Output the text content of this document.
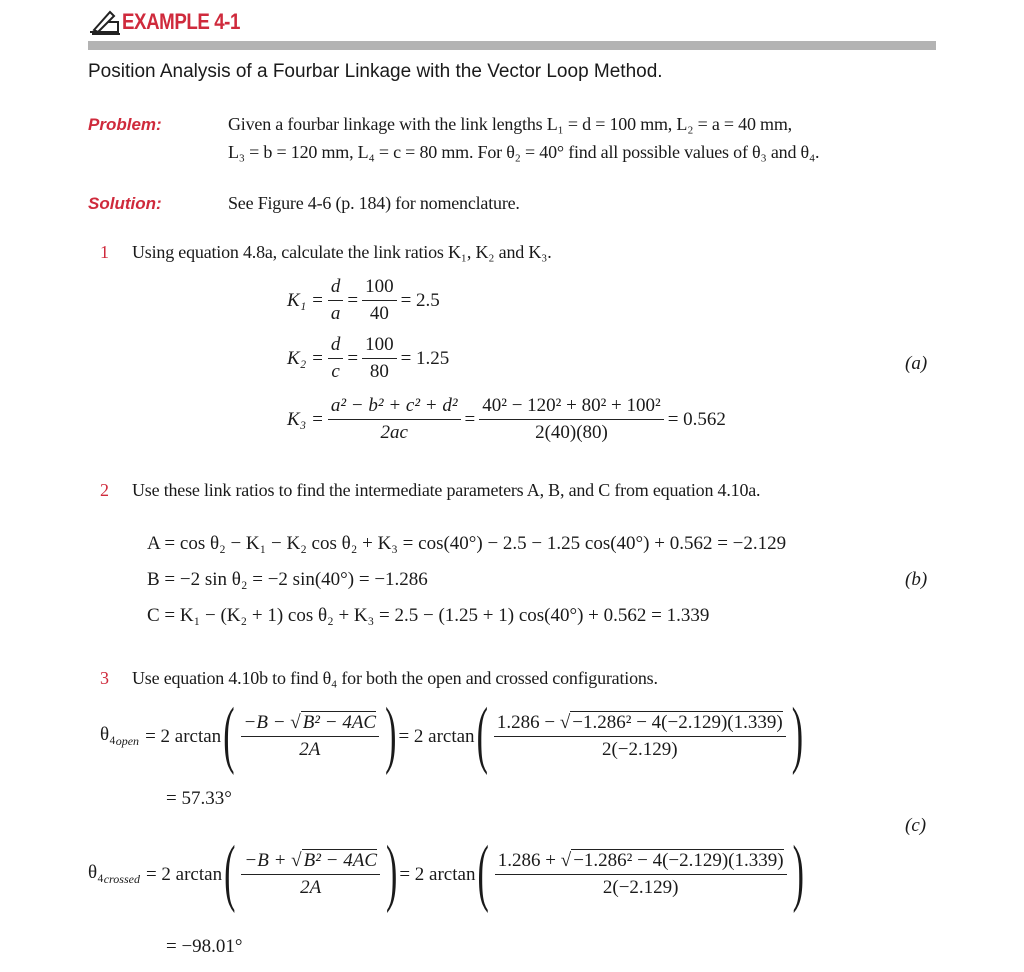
EXAMPLE 4-1
Position Analysis of a Fourbar Linkage with the Vector Loop Method.
Problem:	Given a fourbar linkage with the link lengths L₁ = d = 100 mm, L₂ = a = 40 mm,
L₃ = b = 120 mm, L₄ = c = 80 mm. For θ₂ = 40° find all possible values of θ₃ and θ₄.
Solution:	See Figure 4-6 (p. 184) for nomenclature.
1 Using equation 4.8a, calculate the link ratios K₁, K₂ and K₃.
$K_1 = \frac{d}{a} = \frac{100}{40} = 2.5$
$K_2 = \frac{d}{c} = \frac{100}{80} = 1.25$
$K_3 = \frac{\text{a² − b² + c² + d²}}{2ac} = \frac{\text{40² − 120² + 80² + 100²}}{2(40)(80)} = 0.562$
(a)
2 Use these link ratios to find the intermediate parameters A, B, and C from equation 4.10a.
A = cos θ₂ − K₁ − K₂ cos θ₂ + K₃ = cos(40°) − 2.5 − 1.25 cos(40°) + 0.562 = −2.129
B = −2 sin θ₂ = −2 sin(40°) = −1.286
C = K₁ − (K₂ + 1) cos θ₂ + K₃ = 2.5 − (1.25 + 1) cos(40°) + 0.562 = 1.339
(b)
3 Use equation 4.10b to find θ₄ for both the open and crossed configurations.
$\theta_4_{open} = 2$ arctan ( $\frac{\text{−B − √ B² − 4AC}}{2A}$ ) = 2 arctan ( $\frac{\text{1.286 − √ −1.286² − 4(−2.129)(1.339)}}{2(-2.129)}$ )
= 57.33°
(c)
$\theta_4_{crossed} = 2$ arctan ( $\frac{\text{−B + √ B² − 4AC}}{2A}$ ) = 2 arctan ( $\frac{\text{1.286 + √ −1.286² − 4(−2.129)(1.339)}}{2(-2.129)}$ )
= −98.01°
